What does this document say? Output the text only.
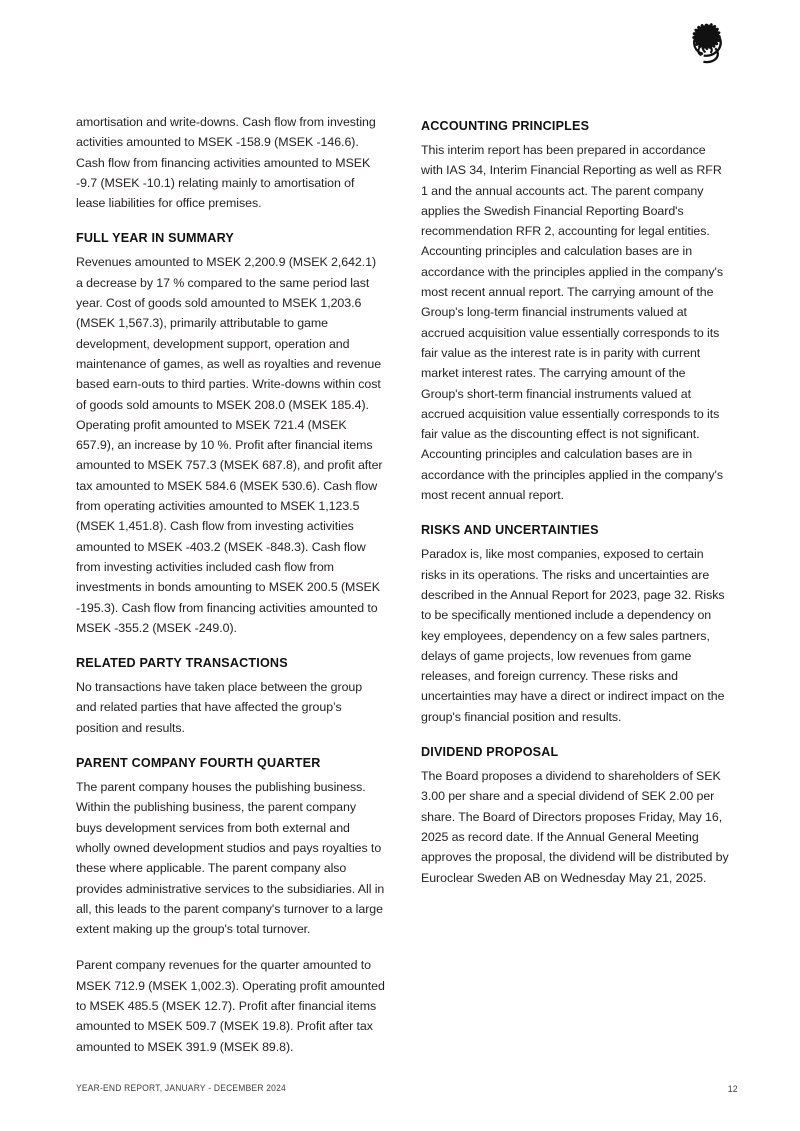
amortisation and write-downs. Cash flow from investing activities amounted to MSEK -158.9 (MSEK -146.6). Cash flow from financing activities amounted to MSEK -9.7 (MSEK -10.1) relating mainly to amortisation of lease liabilities for office premises.

FULL YEAR IN SUMMARY

Revenues amounted to MSEK 2,200.9 (MSEK 2,642.1) a decrease by 17 % compared to the same period last year. Cost of goods sold amounted to MSEK 1,203.6 (MSEK 1,567.3), primarily attributable to game development, development support, operation and maintenance of games, as well as royalties and revenue based earn-outs to third parties. Write-downs within cost of goods sold amounts to MSEK 208.0 (MSEK 185.4). Operating profit amounted to MSEK 721.4 (MSEK 657.9), an increase by 10 %. Profit after financial items amounted to MSEK 757.3 (MSEK 687.8), and profit after tax amounted to MSEK 584.6 (MSEK 530.6). Cash flow from operating activities amounted to MSEK 1,123.5 (MSEK 1,451.8). Cash flow from investing activities amounted to MSEK -403.2 (MSEK -848.3). Cash flow from investing activities included cash flow from investments in bonds amounting to MSEK 200.5 (MSEK -195.3). Cash flow from financing activities amounted to MSEK -355.2 (MSEK -249.0).

RELATED PARTY TRANSACTIONS

No transactions have taken place between the group and related parties that have affected the group’s position and results.

PARENT COMPANY FOURTH QUARTER

The parent company houses the publishing business. Within the publishing business, the parent company buys development services from both external and wholly owned development studios and pays royalties to these where applicable. The parent company also provides administrative services to the subsidiaries. All in all, this leads to the parent company's turnover to a large extent making up the group's total turnover.

Parent company revenues for the quarter amounted to MSEK 712.9 (MSEK 1,002.3). Operating profit amounted to MSEK 485.5 (MSEK 12.7). Profit after financial items amounted to MSEK 509.7 (MSEK 19.8). Profit after tax amounted to MSEK 391.9 (MSEK 89.8).

ACCOUNTING PRINCIPLES

This interim report has been prepared in accordance with IAS 34, Interim Financial Reporting as well as RFR 1 and the annual accounts act. The parent company applies the Swedish Financial Reporting Board's recommendation RFR 2, accounting for legal entities. Accounting principles and calculation bases are in accordance with the principles applied in the company's most recent annual report. The carrying amount of the Group's long-term financial instruments valued at accrued acquisition value essentially corresponds to its fair value as the interest rate is in parity with current market interest rates. The carrying amount of the Group's short-term financial instruments valued at accrued acquisition value essentially corresponds to its fair value as the discounting effect is not significant. Accounting principles and calculation bases are in accordance with the principles applied in the company's most recent annual report.

RISKS AND UNCERTAINTIES

Paradox is, like most companies, exposed to certain risks in its operations. The risks and uncertainties are described in the Annual Report for 2023, page 32. Risks to be specifically mentioned include a dependency on key employees, dependency on a few sales partners, delays of game projects, low revenues from game releases, and foreign currency. These risks and uncertainties may have a direct or indirect impact on the group's financial position and results.

DIVIDEND PROPOSAL

The Board proposes a dividend to shareholders of SEK 3.00 per share and a special dividend of SEK 2.00 per share. The Board of Directors proposes Friday, May 16, 2025 as record date. If the Annual General Meeting approves the proposal, the dividend will be distributed by Euroclear Sweden AB on Wednesday May 21, 2025.

YEAR-END REPORT, JANUARY - DECEMBER 2024	12
